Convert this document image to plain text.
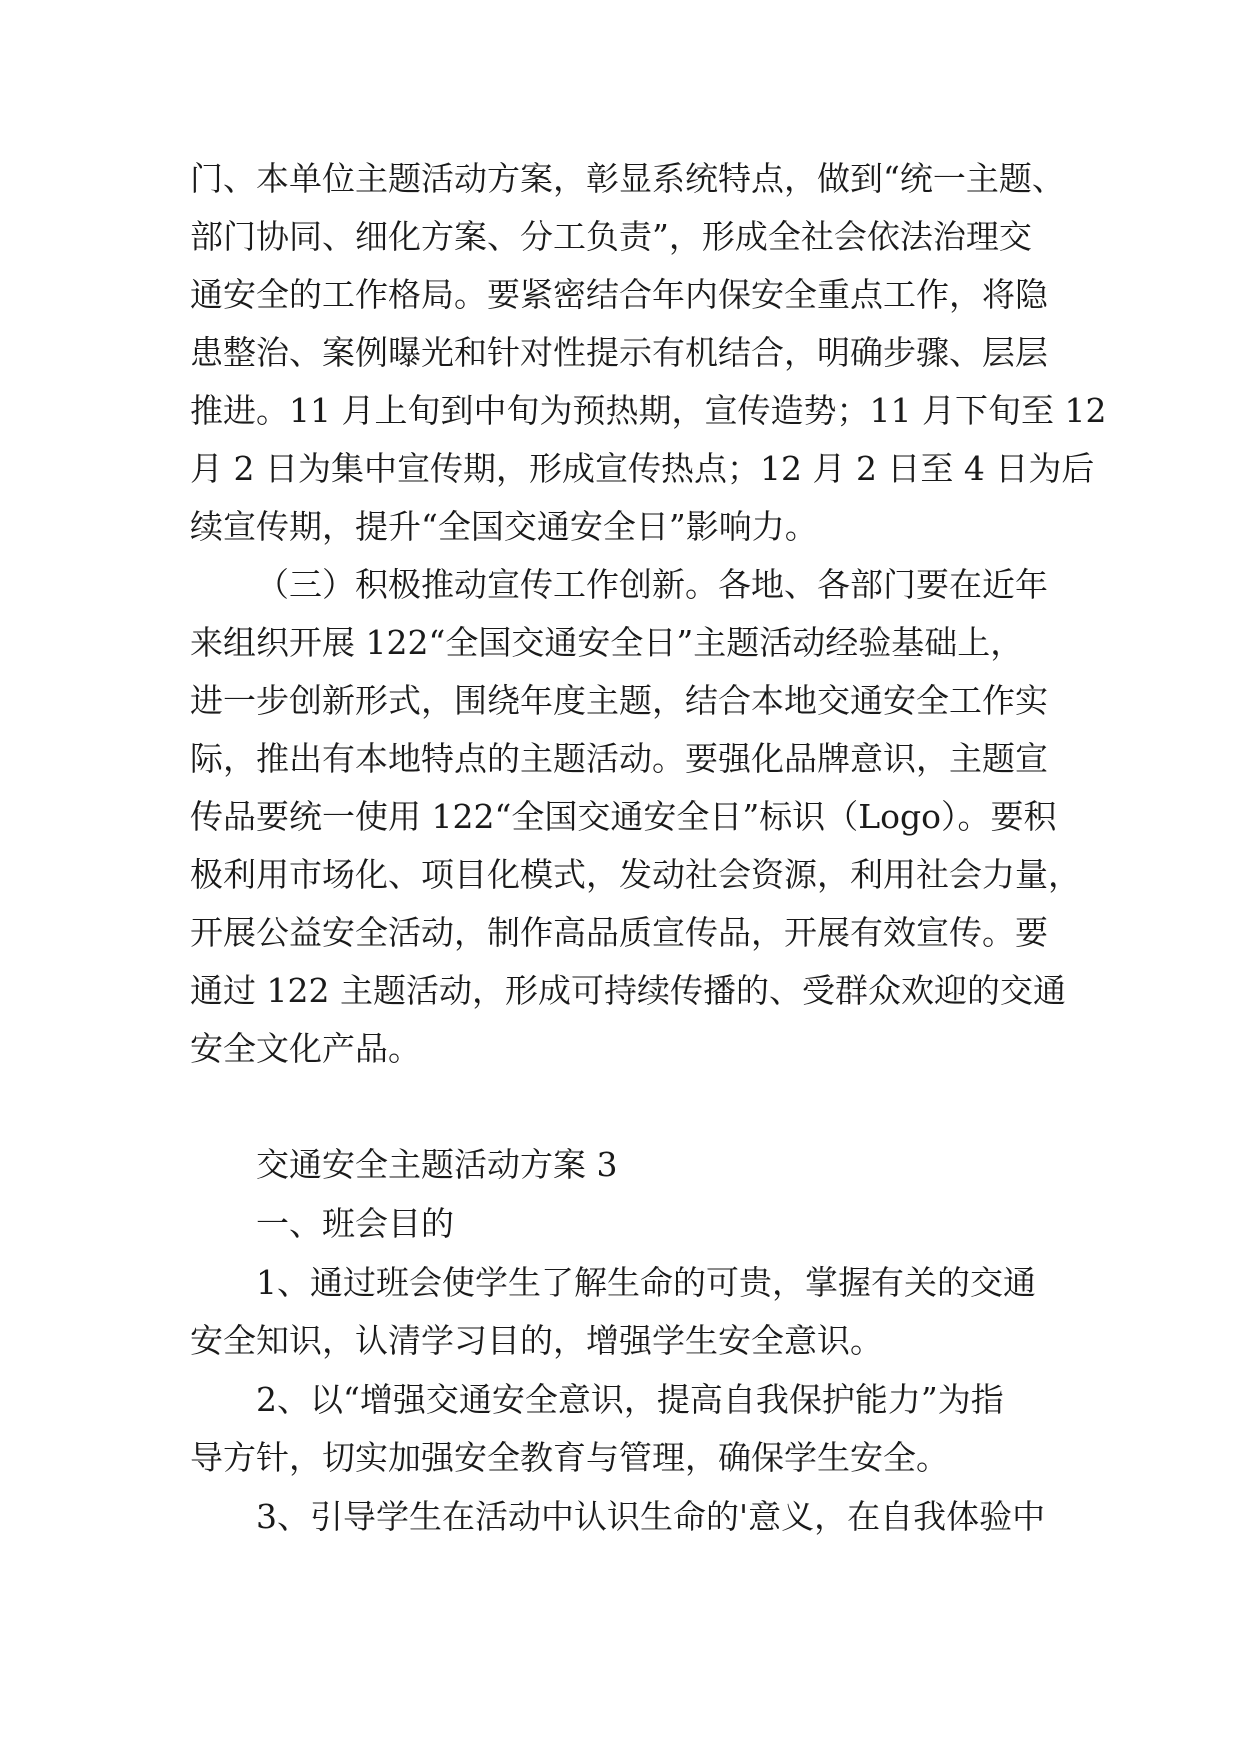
门、本单位主题活动方案，彰显系统特点，做到“统一主题、
部门协同、细化方案、分工负责”，形成全社会依法治理交
通安全的工作格局。要紧密结合年内保安全重点工作，将隐
患整治、案例曝光和针对性提示有机结合，明确步骤、层层
推进。11 月上旬到中旬为预热期，宣传造势；11 月下旬至 12
月 2 日为集中宣传期，形成宣传热点；12 月 2 日至 4 日为后
续宣传期，提升“全国交通安全日”影响力。
（三）积极推动宣传工作创新。各地、各部门要在近年
来组织开展 122“全国交通安全日”主题活动经验基础上，
进一步创新形式，围绕年度主题，结合本地交通安全工作实
际，推出有本地特点的主题活动。要强化品牌意识，主题宣
传品要统一使用 122“全国交通安全日”标识（Logo）。要积
极利用市场化、项目化模式，发动社会资源，利用社会力量，
开展公益安全活动，制作高品质宣传品，开展有效宣传。要
通过 122 主题活动，形成可持续传播的、受群众欢迎的交通
安全文化产品。
交通安全主题活动方案 3
一、班会目的
1、通过班会使学生了解生命的可贵，掌握有关的交通
安全知识，认清学习目的，增强学生安全意识。
2、以“增强交通安全意识，提高自我保护能力”为指
导方针，切实加强安全教育与管理，确保学生安全。
3、引导学生在活动中认识生命的'意义，在自我体验中
